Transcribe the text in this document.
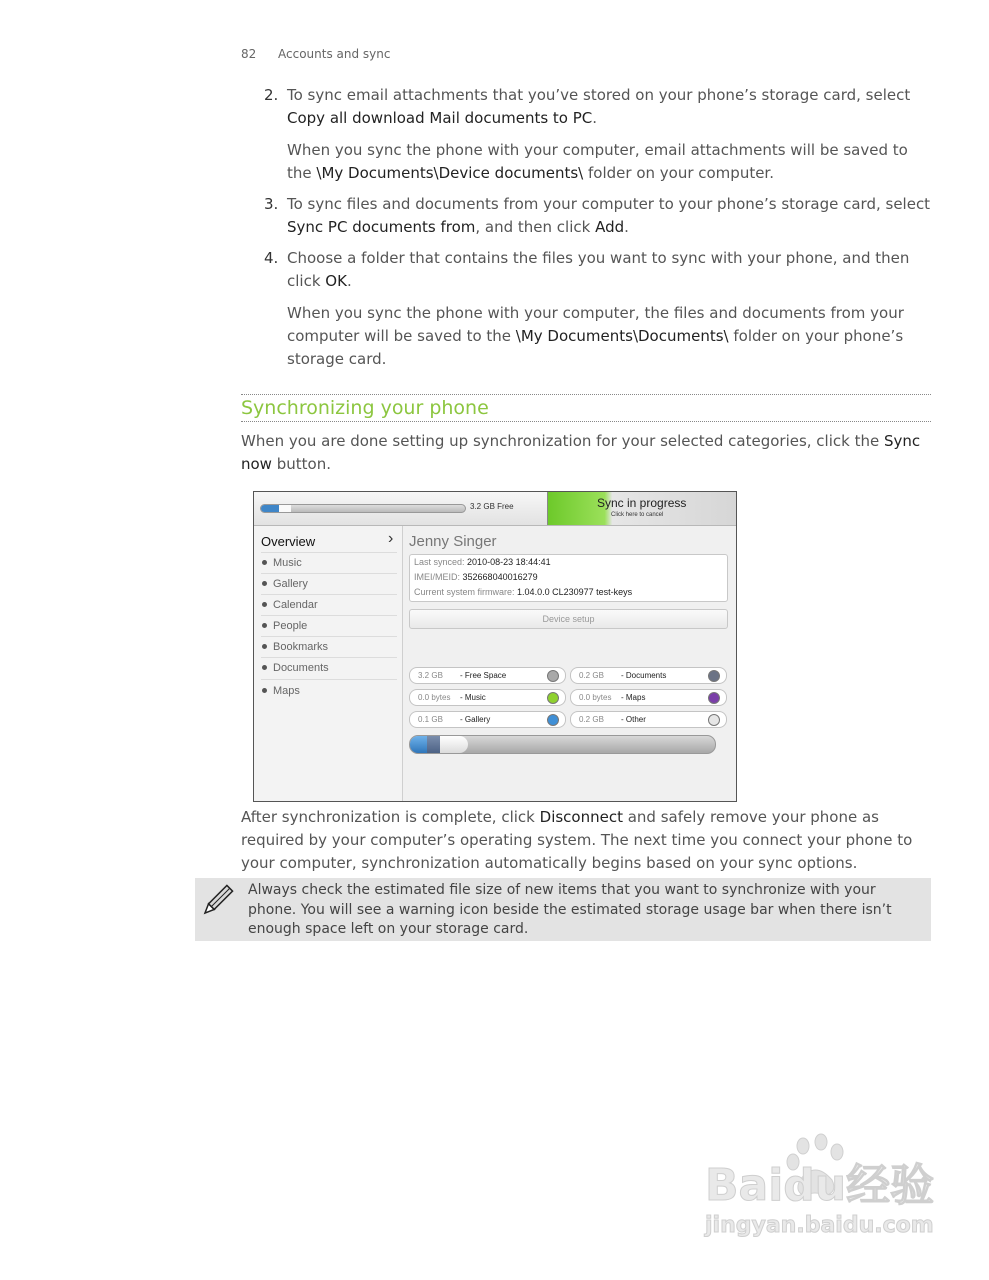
82 Accounts and sync
2. To sync email attachments that you’ve stored on your phone’s storage card, select Copy all download Mail documents to PC.
When you sync the phone with your computer, email attachments will be saved to the \My Documents\Device documents\ folder on your computer.
3. To sync files and documents from your computer to your phone’s storage card, select Sync PC documents from, and then click Add.
4. Choose a folder that contains the files you want to sync with your phone, and then click OK.
When you sync the phone with your computer, the files and documents from your computer will be saved to the \My Documents\Documents\ folder on your phone’s storage card.
Synchronizing your phone
When you are done setting up synchronization for your selected categories, click the Sync now button.
3.2 GB Free	Sync in progress
Click here to cancel
Overview	›
Music
Gallery
Calendar
People
Bookmarks
Documents
Maps
Jenny Singer
Last synced: 2010-08-23 18:44:41
IMEI/MEID: 352668040016279
Current system firmware: 1.04.0.0 CL230977 test-keys
Device setup
3.2 GB - Free Space	0.2 GB - Documents
0.0 bytes - Music	0.0 bytes - Maps
0.1 GB - Gallery	0.2 GB - Other
After synchronization is complete, click Disconnect and safely remove your phone as required by your computer’s operating system. The next time you connect your phone to your computer, synchronization automatically begins based on your sync options.
Always check the estimated file size of new items that you want to synchronize with your phone. You will see a warning icon beside the estimated storage usage bar when there isn’t enough space left on your storage card.
Baidu经验
jingyan.baidu.com
